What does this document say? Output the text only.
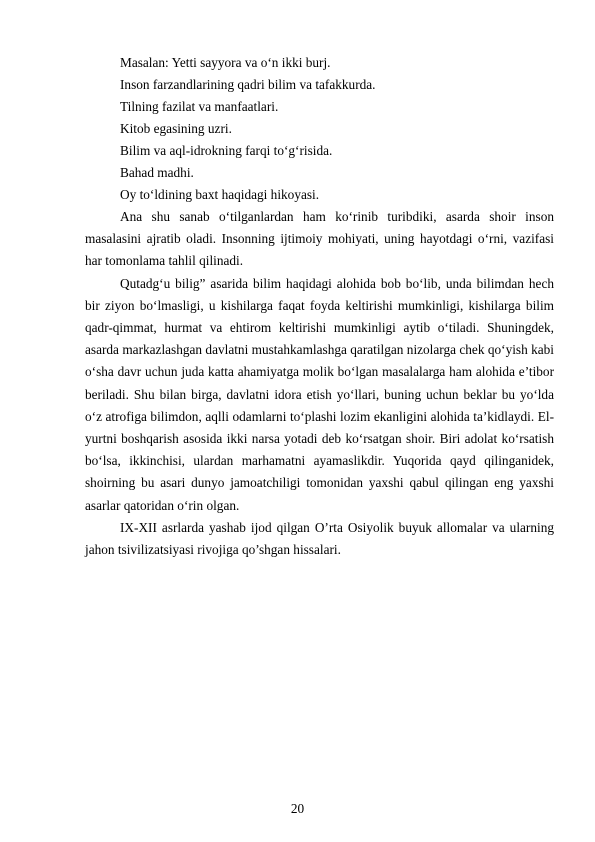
Masalan: Yetti sayyora va o‘n ikki burj.

Inson farzandlarining qadri bilim va tafakkurda.

Tilning fazilat va manfaatlari.

Kitob egasining uzri.

Bilim va aql-idrokning farqi to‘g‘risida.

Bahad madhi.

Oy to‘ldining baxt haqidagi hikoyasi.

Ana shu sanab o‘tilganlardan ham ko‘rinib turibdiki, asarda shoir inson masalasini ajratib oladi. Insonning ijtimoiy mohiyati, uning hayotdagi o‘rni, vazifasi har tomonlama tahlil qilinadi.

Qutadg‘u bilig” asarida bilim haqidagi alohida bob bo‘lib, unda bilimdan hech bir ziyon bo‘lmasligi, u kishilarga faqat foyda keltirishi mumkinligi, kishilarga bilim qadr-qimmat, hurmat va ehtirom keltirishi mumkinligi aytib o‘tiladi. Shuningdek, asarda markazlashgan davlatni mustahkamlashga qaratilgan nizolarga chek qo‘yish kabi o‘sha davr uchun juda katta ahamiyatga molik bo‘lgan masalalarga ham alohida e’tibor beriladi. Shu bilan birga, davlatni idora etish yo‘llari, buning uchun beklar bu yo‘lda o‘z atrofiga bilimdon, aqlli odamlarni to‘plashi lozim ekanligini alohida ta’kidlaydi. El-yurtni boshqarish asosida ikki narsa yotadi deb ko‘rsatgan shoir. Biri adolat ko‘rsatish bo‘lsa, ikkinchisi, ulardan marhamatni ayamaslikdir. Yuqorida qayd qilinganidek, shoirning bu asari dunyo jamoatchiligi tomonidan yaxshi qabul qilingan eng yaxshi asarlar qatoridan o‘rin olgan.

IX-XII asrlarda yashab ijod qilgan O’rta Osiyolik buyuk allomalar va ularning jahon tsivilizatsiyasi rivojiga qo’shgan hissalari.

20
